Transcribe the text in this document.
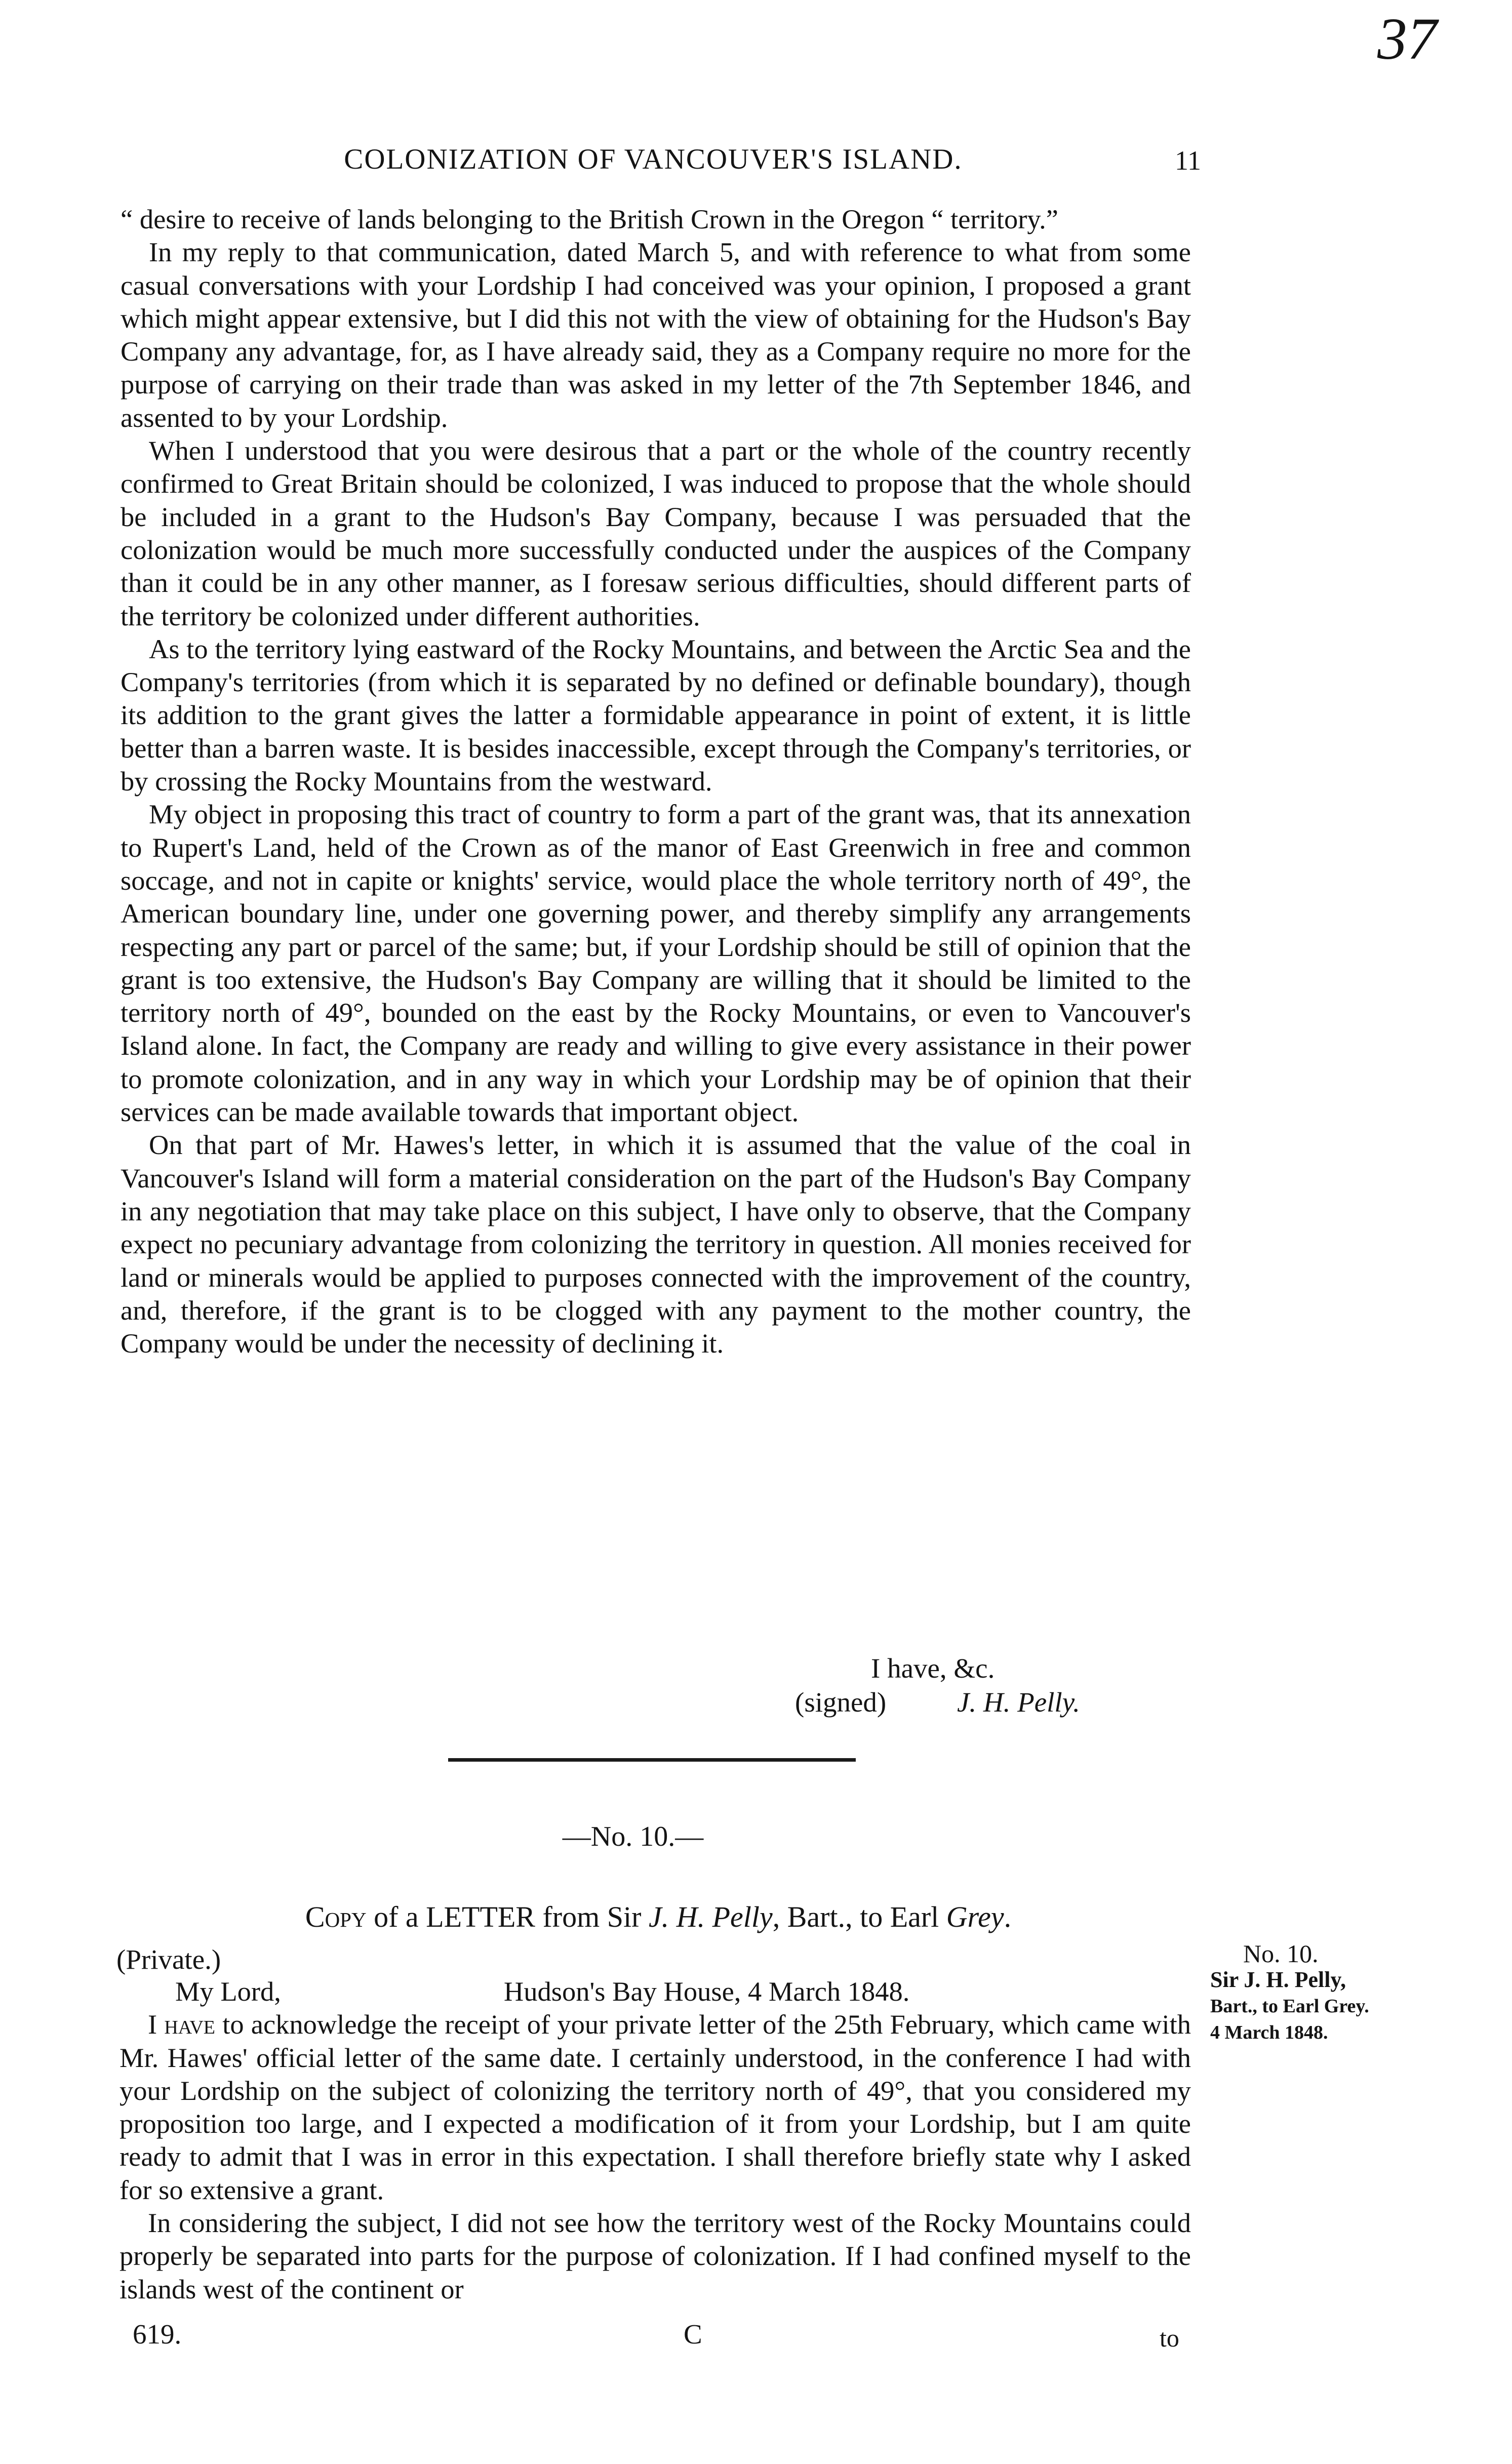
37
COLONIZATION OF VANCOUVER'S ISLAND.	11

“ desire to receive of lands belonging to the British Crown in the Oregon “ territory.”

In my reply to that communication, dated March 5, and with reference to what from some casual conversations with your Lordship I had conceived was your opinion, I proposed a grant which might appear extensive, but I did this not with the view of obtaining for the Hudson's Bay Company any advantage, for, as I have already said, they as a Company require no more for the purpose of carrying on their trade than was asked in my letter of the 7th September 1846, and assented to by your Lordship.

When I understood that you were desirous that a part or the whole of the country recently confirmed to Great Britain should be colonized, I was induced to propose that the whole should be included in a grant to the Hudson's Bay Company, because I was persuaded that the colonization would be much more successfully conducted under the auspices of the Company than it could be in any other manner, as I foresaw serious difficulties, should different parts of the territory be colonized under different authorities.

As to the territory lying eastward of the Rocky Mountains, and between the Arctic Sea and the Company's territories (from which it is separated by no defined or definable boundary), though its addition to the grant gives the latter a formidable appearance in point of extent, it is little better than a barren waste. It is besides inaccessible, except through the Company's territories, or by crossing the Rocky Mountains from the westward.

My object in proposing this tract of country to form a part of the grant was, that its annexation to Rupert's Land, held of the Crown as of the manor of East Greenwich in free and common soccage, and not in capite or knights' service, would place the whole territory north of 49°, the American boundary line, under one governing power, and thereby simplify any arrangements respecting any part or parcel of the same; but, if your Lordship should be still of opinion that the grant is too extensive, the Hudson's Bay Company are willing that it should be limited to the territory north of 49°, bounded on the east by the Rocky Mountains, or even to Vancouver's Island alone. In fact, the Company are ready and willing to give every assistance in their power to promote colonization, and in any way in which your Lordship may be of opinion that their services can be made available towards that important object.

On that part of Mr. Hawes's letter, in which it is assumed that the value of the coal in Vancouver's Island will form a material consideration on the part of the Hudson's Bay Company in any negotiation that may take place on this subject, I have only to observe, that the Company expect no pecuniary advantage from colonizing the territory in question. All monies received for land or minerals would be applied to purposes connected with the improvement of the country, and, therefore, if the grant is to be clogged with any payment to the mother country, the Company would be under the necessity of declining it.

I have, &c.
(signed)	J. H. Pelly.
—No. 10.—
Copy of a LETTER from Sir J. H. Pelly, Bart., to Earl Grey.
(Private.)

My Lord,	Hudson's Bay House, 4 March 1848.

I have to acknowledge the receipt of your private letter of the 25th February, which came with Mr. Hawes' official letter of the same date. I certainly understood, in the conference I had with your Lordship on the subject of colonizing the territory north of 49°, that you considered my proposition too large, and I expected a modification of it from your Lordship, but I am quite ready to admit that I was in error in this expectation. I shall therefore briefly state why I asked for so extensive a grant.

In considering the subject, I did not see how the territory west of the Rocky Mountains could properly be separated into parts for the purpose of colonization. If I had confined myself to the islands west of the continent or

No. 10.
Sir J. H. Pelly,
Bart., to Earl Grey.
4 March 1848.
619.	C	to
